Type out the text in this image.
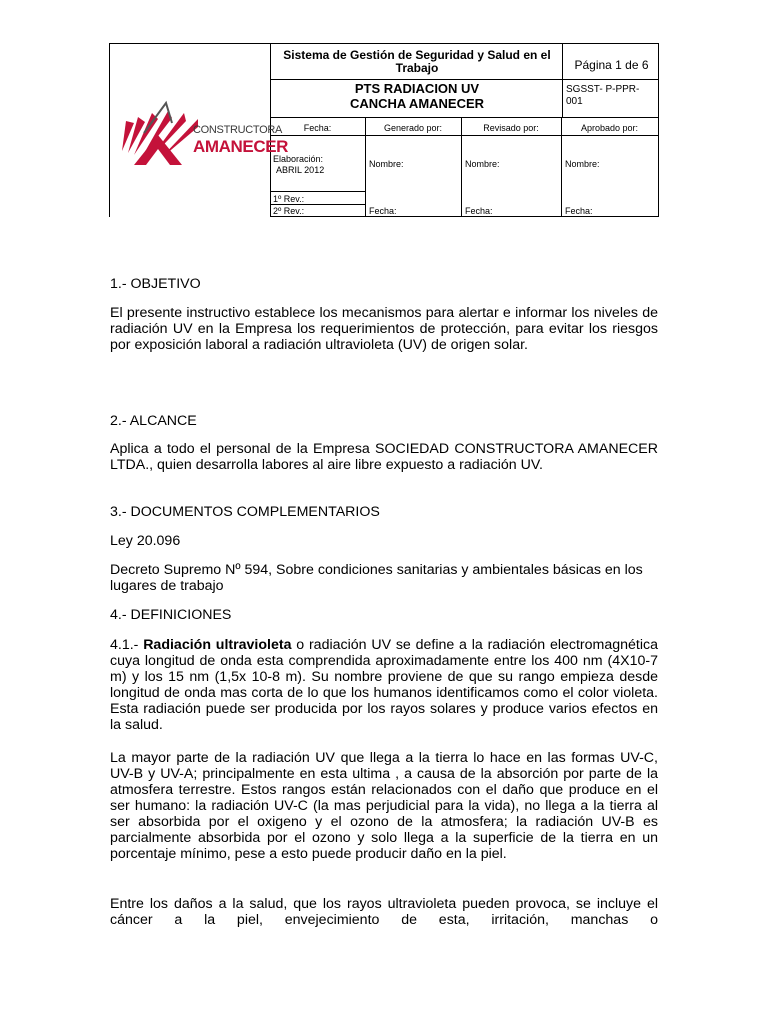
CONSTRUCTORA
AMANECER
Sistema de Gestión de Seguridad y Salud en el Trabajo	Página 1 de 6
PTS RADIACION UV
CANCHA AMANECER
SGSST- P-PPR-001
Fecha:	Generado por:	Revisado por:	Aprobado por:
Elaboración:
ABRIL 2012
Nombre:	Nombre:	Nombre:
1º Rev.:
2º Rev.:	Fecha:	Fecha:	Fecha:
1.- OBJETIVO
El presente instructivo establece los mecanismos para alertar e informar los niveles de radiación UV en la Empresa los requerimientos de protección, para evitar los riesgos por exposición laboral a radiación ultravioleta (UV) de origen solar.
2.- ALCANCE
Aplica a todo el personal de la Empresa SOCIEDAD CONSTRUCTORA AMANECER LTDA., quien desarrolla labores al aire libre expuesto a radiación UV.
3.- DOCUMENTOS COMPLEMENTARIOS
Ley 20.096
Decreto Supremo Nº 594, Sobre condiciones sanitarias y ambientales básicas en los lugares de trabajo
4.- DEFINICIONES
4.1.- Radiación ultravioleta o radiación UV se define a la radiación electromagnética cuya longitud de onda esta comprendida aproximadamente entre los 400 nm (4X10-7 m) y los 15 nm (1,5x 10-8 m). Su nombre proviene de que su rango empieza desde longitud de onda mas corta de lo que los humanos identificamos como el color violeta. Esta radiación puede ser producida por los rayos solares y produce varios efectos en la salud.
La mayor parte de la radiación UV que llega a la tierra lo hace en las formas UV-C, UV-B y UV-A; principalmente en esta ultima , a causa de la absorción por parte de la atmosfera terrestre. Estos rangos están relacionados con el daño que produce en el ser humano: la radiación UV-C (la mas perjudicial para la vida), no llega a la tierra al ser absorbida por el oxigeno y el ozono de la atmosfera; la radiación UV-B es parcialmente absorbida por el ozono y solo llega a la superficie de la tierra en un porcentaje mínimo, pese a esto puede producir daño en la piel.
Entre los daños a la salud, que los rayos ultravioleta pueden provoca, se incluye el cáncer a la piel, envejecimiento de esta, irritación, manchas o
